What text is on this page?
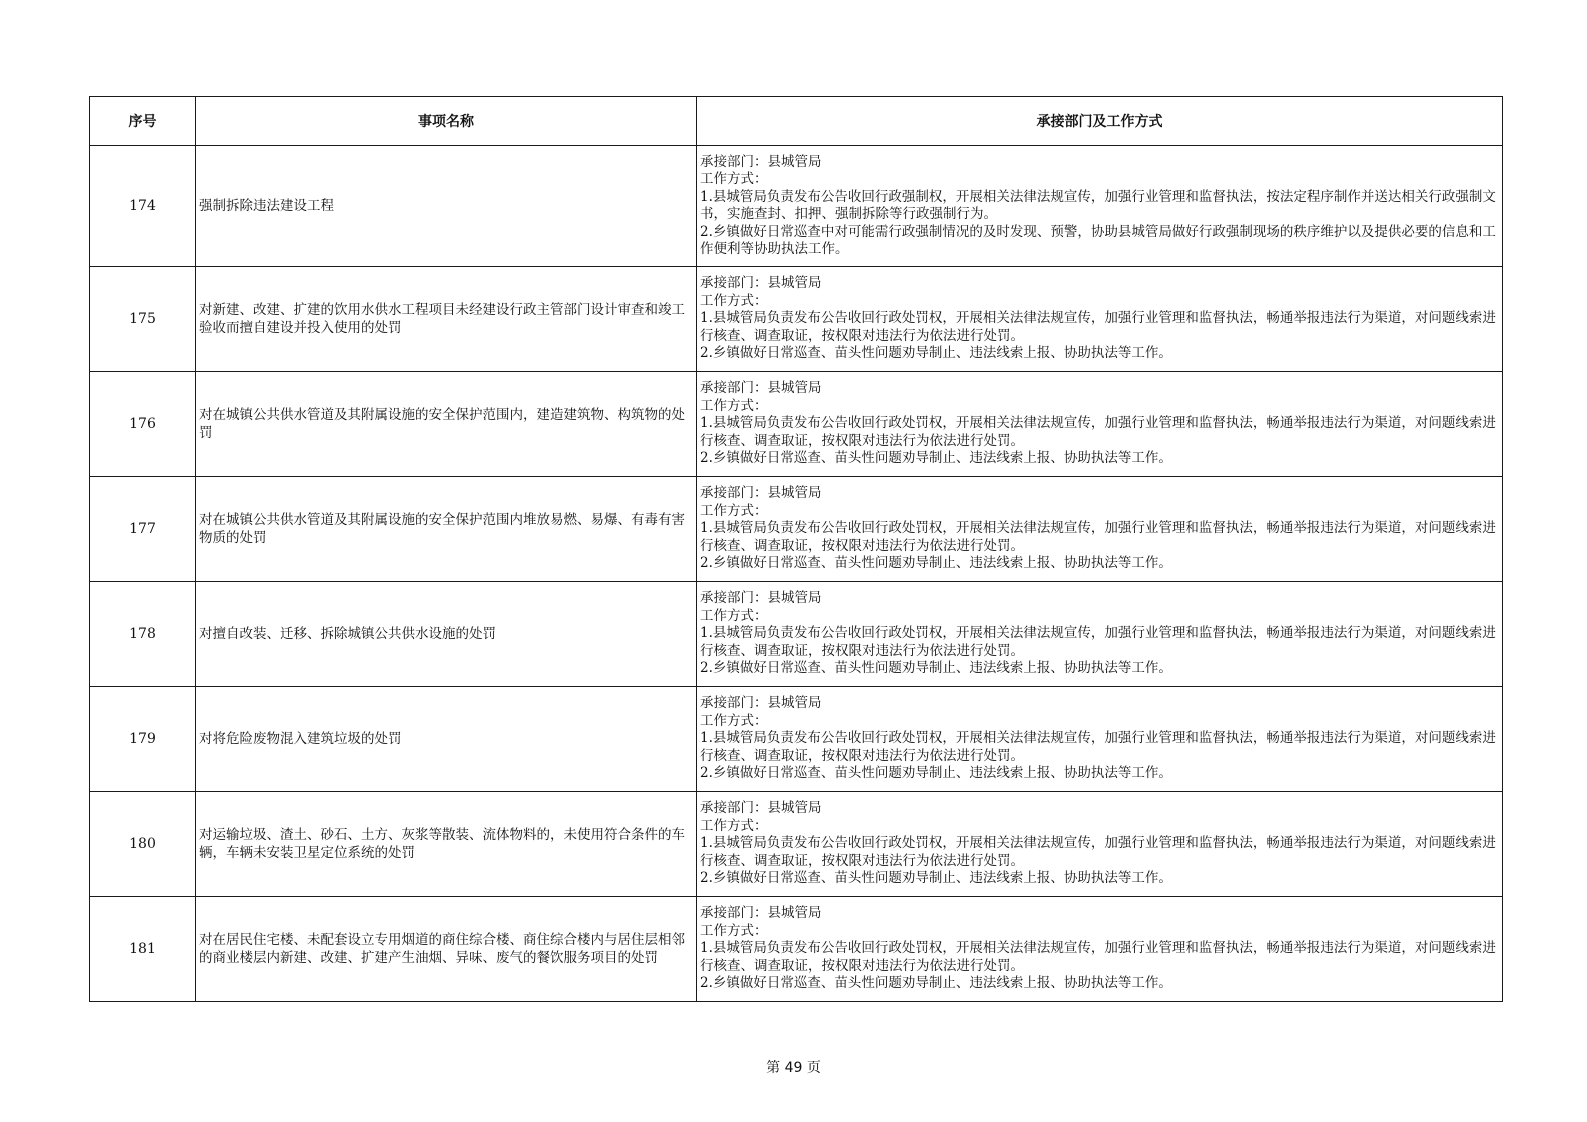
序号	事项名称	承接部门及工作方式
174	强制拆除违法建设工程	承接部门：县城管局
工作方式：
1.县城管局负责发布公告收回行政强制权，开展相关法律法规宣传，加强行业管理和监督执法，按法定程序制作并送达相关行政强制文书，实施查封、扣押、强制拆除等行政强制行为。
2.乡镇做好日常巡查中对可能需行政强制情况的及时发现、预警，协助县城管局做好行政强制现场的秩序维护以及提供必要的信息和工作便利等协助执法工作。

175	对新建、改建、扩建的饮用水供水工程项目未经建设行政主管部门设计审查和竣工验收而擅自建设并投入使用的处罚	承接部门：县城管局
工作方式：
1.县城管局负责发布公告收回行政处罚权，开展相关法律法规宣传，加强行业管理和监督执法，畅通举报违法行为渠道，对问题线索进行核查、调查取证，按权限对违法行为依法进行处罚。
2.乡镇做好日常巡查、苗头性问题劝导制止、违法线索上报、协助执法等工作。

176	对在城镇公共供水管道及其附属设施的安全保护范围内，建造建筑物、构筑物的处罚	承接部门：县城管局
工作方式：
1.县城管局负责发布公告收回行政处罚权，开展相关法律法规宣传，加强行业管理和监督执法，畅通举报违法行为渠道，对问题线索进行核查、调查取证，按权限对违法行为依法进行处罚。
2.乡镇做好日常巡查、苗头性问题劝导制止、违法线索上报、协助执法等工作。

177	对在城镇公共供水管道及其附属设施的安全保护范围内堆放易燃、易爆、有毒有害物质的处罚	承接部门：县城管局
工作方式：
1.县城管局负责发布公告收回行政处罚权，开展相关法律法规宣传，加强行业管理和监督执法，畅通举报违法行为渠道，对问题线索进行核查、调查取证，按权限对违法行为依法进行处罚。
2.乡镇做好日常巡查、苗头性问题劝导制止、违法线索上报、协助执法等工作。

178	对擅自改装、迁移、拆除城镇公共供水设施的处罚	承接部门：县城管局
工作方式：
1.县城管局负责发布公告收回行政处罚权，开展相关法律法规宣传，加强行业管理和监督执法，畅通举报违法行为渠道，对问题线索进行核查、调查取证，按权限对违法行为依法进行处罚。
2.乡镇做好日常巡查、苗头性问题劝导制止、违法线索上报、协助执法等工作。

179	对将危险废物混入建筑垃圾的处罚	承接部门：县城管局
工作方式：
1.县城管局负责发布公告收回行政处罚权，开展相关法律法规宣传，加强行业管理和监督执法，畅通举报违法行为渠道，对问题线索进行核查、调查取证，按权限对违法行为依法进行处罚。
2.乡镇做好日常巡查、苗头性问题劝导制止、违法线索上报、协助执法等工作。

180	对运输垃圾、渣土、砂石、土方、灰浆等散装、流体物料的，未使用符合条件的车辆，车辆未安装卫星定位系统的处罚	承接部门：县城管局
工作方式：
1.县城管局负责发布公告收回行政处罚权，开展相关法律法规宣传，加强行业管理和监督执法，畅通举报违法行为渠道，对问题线索进行核查、调查取证，按权限对违法行为依法进行处罚。
2.乡镇做好日常巡查、苗头性问题劝导制止、违法线索上报、协助执法等工作。

181	对在居民住宅楼、未配套设立专用烟道的商住综合楼、商住综合楼内与居住层相邻的商业楼层内新建、改建、扩建产生油烟、异味、废气的餐饮服务项目的处罚	承接部门：县城管局
工作方式：
1.县城管局负责发布公告收回行政处罚权，开展相关法律法规宣传，加强行业管理和监督执法，畅通举报违法行为渠道，对问题线索进行核查、调查取证，按权限对违法行为依法进行处罚。
2.乡镇做好日常巡查、苗头性问题劝导制止、违法线索上报、协助执法等工作。
第 49 页
